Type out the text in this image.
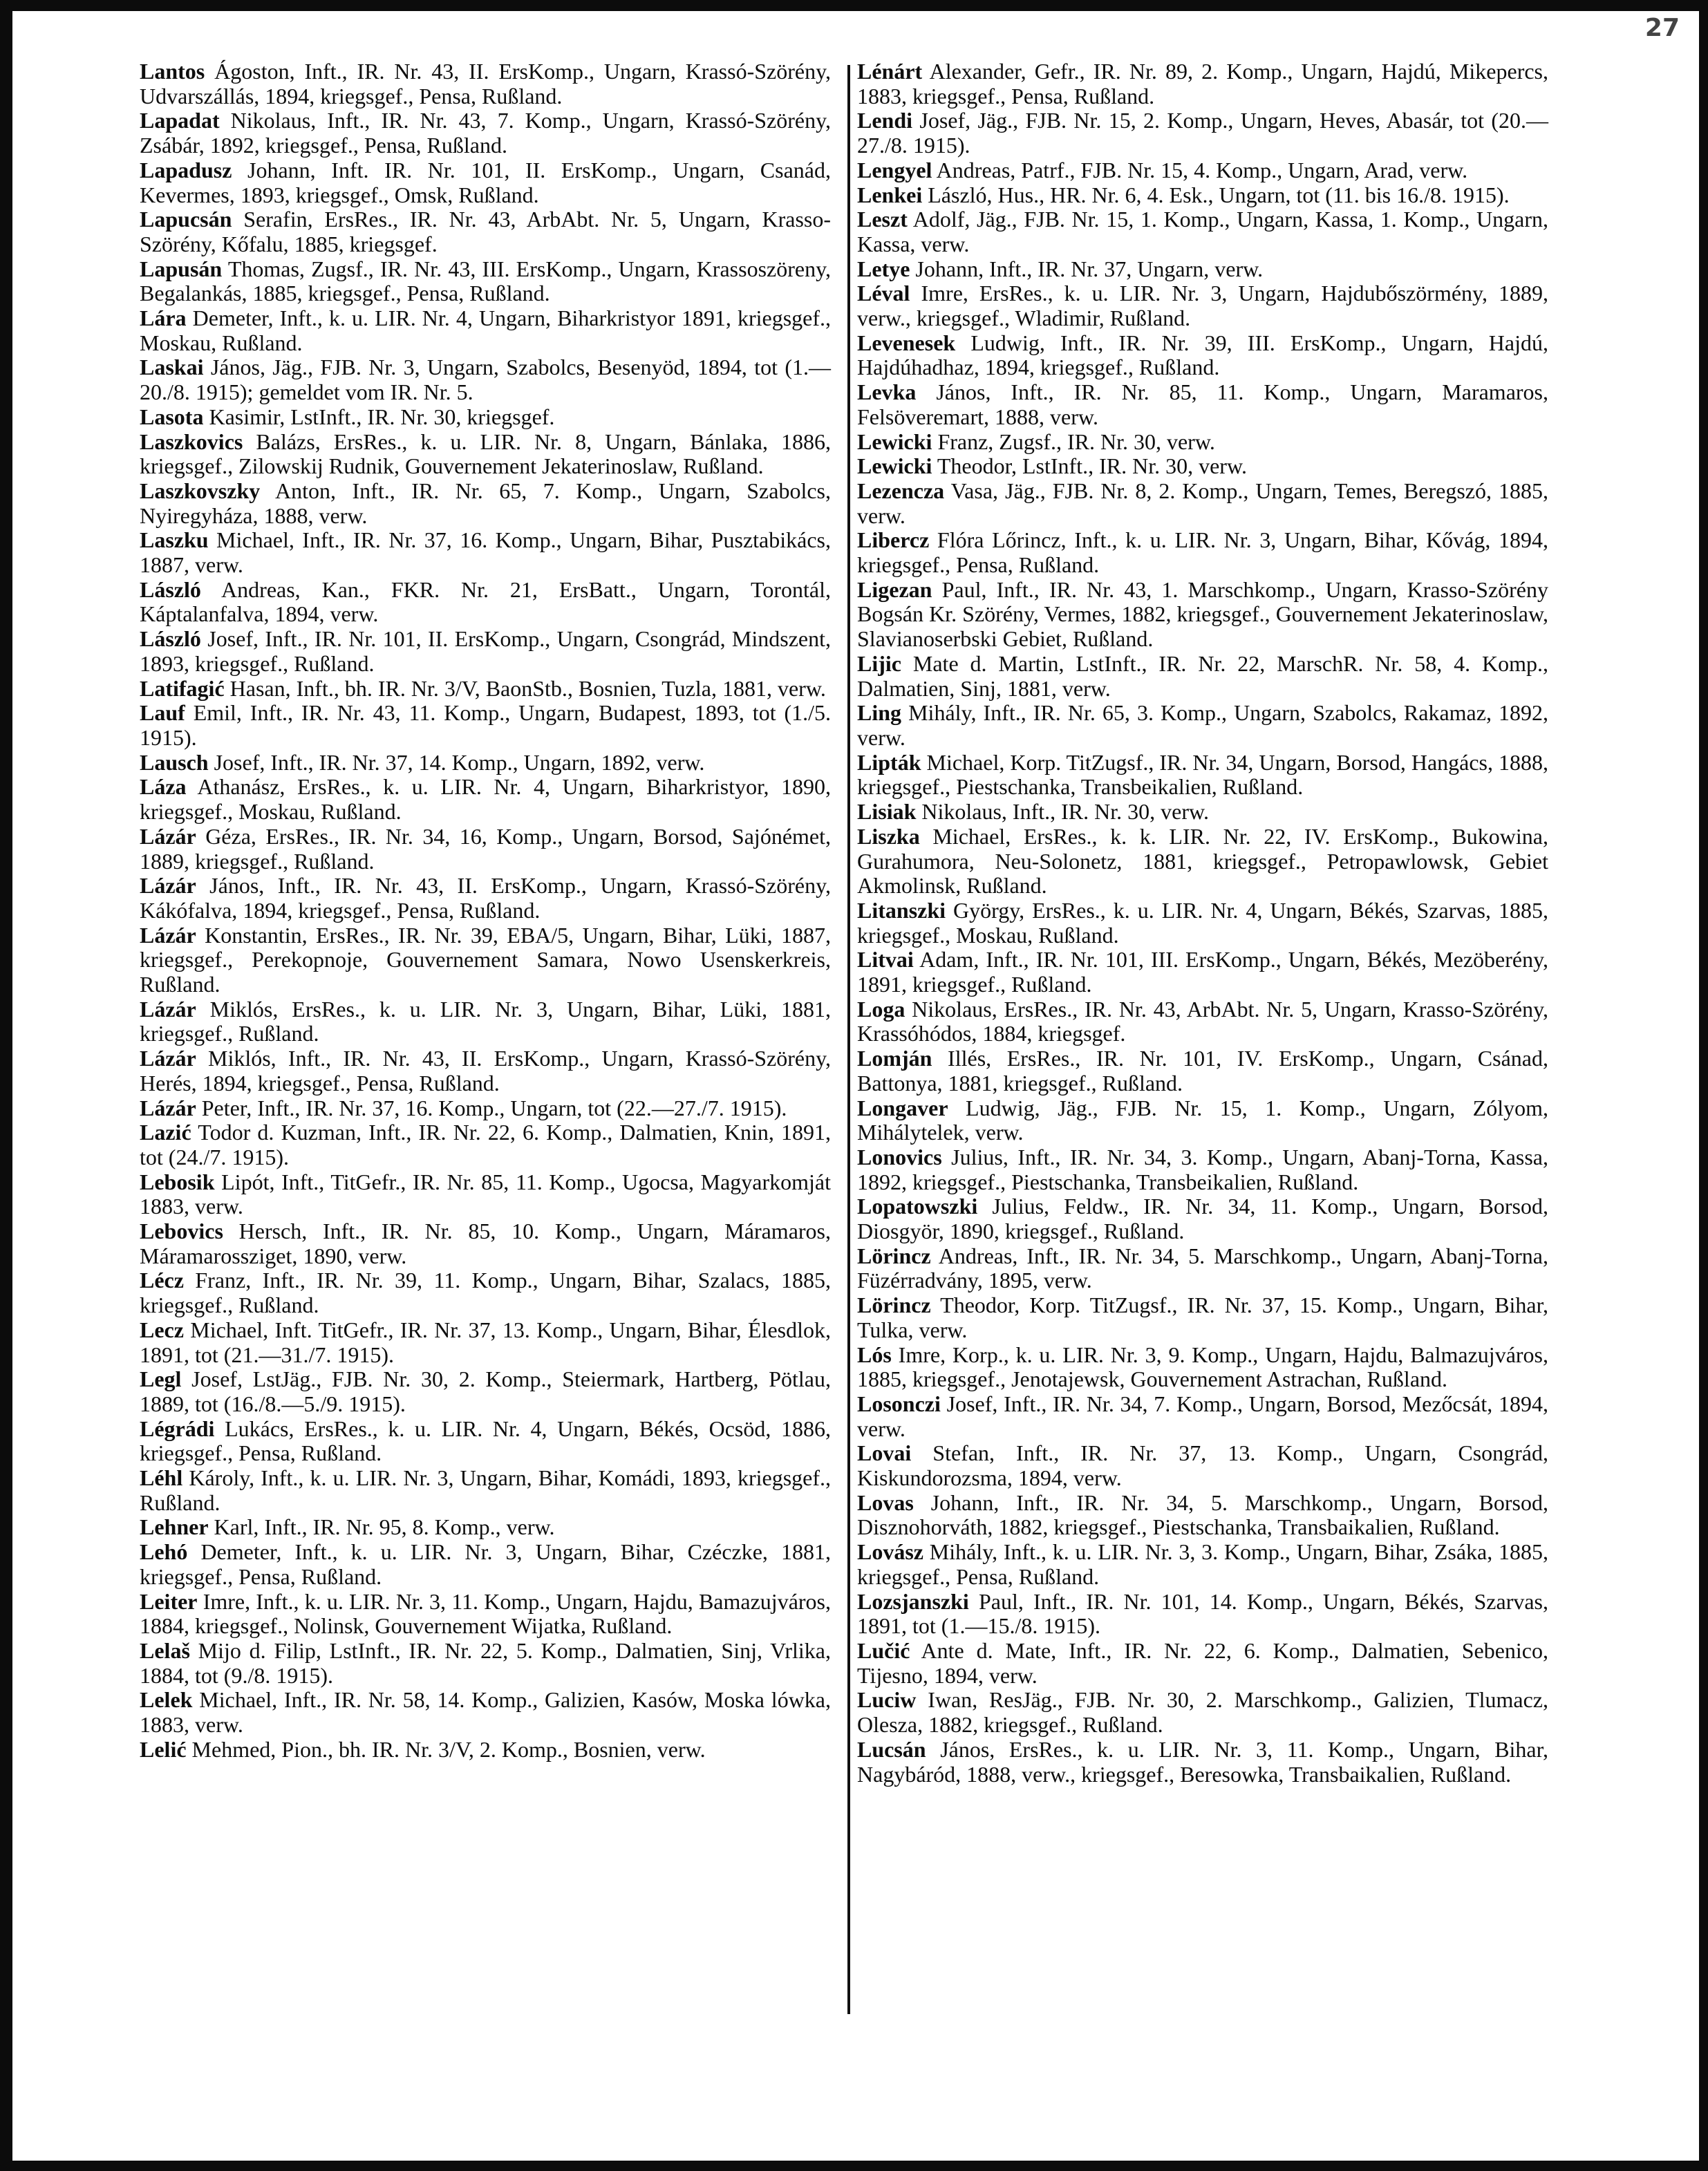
27

Lantos Ágoston, Inft., IR. Nr. 43, II. ErsKomp., Ungarn, Krassó-Szörény, Udvarszállás, 1894, kriegsgef., Pensa, Rußland.

Lapadat Nikolaus, Inft., IR. Nr. 43, 7. Komp., Ungarn, Krassó-Szörény, Zsábár, 1892, kriegsgef., Pensa, Rußland.

Lapadusz Johann, Inft. IR. Nr. 101, II. ErsKomp., Ungarn, Csanád, Kevermes, 1893, kriegsgef., Omsk, Rußland.

Lapucsán Serafin, ErsRes., IR. Nr. 43, ArbAbt. Nr. 5, Ungarn, Krasso-Szörény, Kőfalu, 1885, kriegsgef.

Lapusán Thomas, Zugsf., IR. Nr. 43, III. ErsKomp., Ungarn, Krassoszöreny, Begalankás, 1885, kriegsgef., Pensa, Rußland.

Lára Demeter, Inft., k. u. LIR. Nr. 4, Ungarn, Biharkristyor 1891, kriegsgef., Moskau, Rußland.

Laskai János, Jäg., FJB. Nr. 3, Ungarn, Szabolcs, Besenyöd, 1894, tot (1.—20./8. 1915); gemeldet vom IR. Nr. 5.

Lasota Kasimir, LstInft., IR. Nr. 30, kriegsgef.

Laszkovics Balázs, ErsRes., k. u. LIR. Nr. 8, Ungarn, Bánlaka, 1886, kriegsgef., Zilowskij Rudnik, Gouvernement Jekaterinoslaw, Rußland.

Laszkovszky Anton, Inft., IR. Nr. 65, 7. Komp., Ungarn, Szabolcs, Nyiregyháza, 1888, verw.

Laszku Michael, Inft., IR. Nr. 37, 16. Komp., Ungarn, Bihar, Pusztabikács, 1887, verw.

László Andreas, Kan., FKR. Nr. 21, ErsBatt., Ungarn, Torontál, Káptalanfalva, 1894, verw.

László Josef, Inft., IR. Nr. 101, II. ErsKomp., Ungarn, Csongrád, Mindszent, 1893, kriegsgef., Rußland.

Latifagić Hasan, Inft., bh. IR. Nr. 3/V, BaonStb., Bosnien, Tuzla, 1881, verw.

Lauf Emil, Inft., IR. Nr. 43, 11. Komp., Ungarn, Budapest, 1893, tot (1./5. 1915).

Lausch Josef, Inft., IR. Nr. 37, 14. Komp., Ungarn, 1892, verw.

Láza Athanász, ErsRes., k. u. LIR. Nr. 4, Ungarn, Biharkristyor, 1890, kriegsgef., Moskau, Rußland.

Lázár Géza, ErsRes., IR. Nr. 34, 16, Komp., Ungarn, Borsod, Sajónémet, 1889, kriegsgef., Rußland.

Lázár János, Inft., IR. Nr. 43, II. ErsKomp., Ungarn, Krassó-Szörény, Kákófalva, 1894, kriegsgef., Pensa, Rußland.

Lázár Konstantin, ErsRes., IR. Nr. 39, EBA/5, Ungarn, Bihar, Lüki, 1887, kriegsgef., Perekopnoje, Gouvernement Samara, Nowo Usenskerkreis, Rußland.

Lázár Miklós, ErsRes., k. u. LIR. Nr. 3, Ungarn, Bihar, Lüki, 1881, kriegsgef., Rußland.

Lázár Miklós, Inft., IR. Nr. 43, II. ErsKomp., Ungarn, Krassó-Szörény, Herés, 1894, kriegsgef., Pensa, Rußland.

Lázár Peter, Inft., IR. Nr. 37, 16. Komp., Ungarn, tot (22.—27./7. 1915).

Lazić Todor d. Kuzman, Inft., IR. Nr. 22, 6. Komp., Dalmatien, Knin, 1891, tot (24./7. 1915).

Lebosik Lipót, Inft., TitGefr., IR. Nr. 85, 11. Komp., Ugocsa, Magyarkomját 1883, verw.

Lebovics Hersch, Inft., IR. Nr. 85, 10. Komp., Ungarn, Máramaros, Máramarossziget, 1890, verw.

Lécz Franz, Inft., IR. Nr. 39, 11. Komp., Ungarn, Bihar, Szalacs, 1885, kriegsgef., Rußland.

Lecz Michael, Inft. TitGefr., IR. Nr. 37, 13. Komp., Ungarn, Bihar, Élesdlok, 1891, tot (21.—31./7. 1915).

Legl Josef, LstJäg., FJB. Nr. 30, 2. Komp., Steiermark, Hartberg, Pötlau, 1889, tot (16./8.—5./9. 1915).

Légrádi Lukács, ErsRes., k. u. LIR. Nr. 4, Ungarn, Békés, Ocsöd, 1886, kriegsgef., Pensa, Rußland.

Léhl Károly, Inft., k. u. LIR. Nr. 3, Ungarn, Bihar, Komádi, 1893, kriegsgef., Rußland.

Lehner Karl, Inft., IR. Nr. 95, 8. Komp., verw.

Lehó Demeter, Inft., k. u. LIR. Nr. 3, Ungarn, Bihar, Czéczke, 1881, kriegsgef., Pensa, Rußland.

Leiter Imre, Inft., k. u. LIR. Nr. 3, 11. Komp., Ungarn, Hajdu, Bamazujváros, 1884, kriegsgef., Nolinsk, Gouvernement Wijatka, Rußland.

Lelaš Mijo d. Filip, LstInft., IR. Nr. 22, 5. Komp., Dalmatien, Sinj, Vrlika, 1884, tot (9./8. 1915).

Lelek Michael, Inft., IR. Nr. 58, 14. Komp., Galizien, Kasów, Moska lówka, 1883, verw.

Lelić Mehmed, Pion., bh. IR. Nr. 3/V, 2. Komp., Bosnien, verw.

Lénárt Alexander, Gefr., IR. Nr. 89, 2. Komp., Ungarn, Hajdú, Mikepercs, 1883, kriegsgef., Pensa, Rußland.

Lendi Josef, Jäg., FJB. Nr. 15, 2. Komp., Ungarn, Heves, Abasár, tot (20.—27./8. 1915).

Lengyel Andreas, Patrf., FJB. Nr. 15, 4. Komp., Ungarn, Arad, verw.

Lenkei László, Hus., HR. Nr. 6, 4. Esk., Ungarn, tot (11. bis 16./8. 1915).

Leszt Adolf, Jäg., FJB. Nr. 15, 1. Komp., Ungarn, Kassa, 1. Komp., Ungarn, Kassa, verw.

Letye Johann, Inft., IR. Nr. 37, Ungarn, verw.

Léval Imre, ErsRes., k. u. LIR. Nr. 3, Ungarn, Hajdubőszörmény, 1889, verw., kriegsgef., Wladimir, Rußland.

Levenesek Ludwig, Inft., IR. Nr. 39, III. ErsKomp., Ungarn, Hajdú, Hajdúhadhaz, 1894, kriegsgef., Rußland.

Levka János, Inft., IR. Nr. 85, 11. Komp., Ungarn, Maramaros, Felsöveremart, 1888, verw.

Lewicki Franz, Zugsf., IR. Nr. 30, verw.

Lewicki Theodor, LstInft., IR. Nr. 30, verw.

Lezencza Vasa, Jäg., FJB. Nr. 8, 2. Komp., Ungarn, Temes, Beregszó, 1885, verw.

Libercz Flóra Lőrincz, Inft., k. u. LIR. Nr. 3, Ungarn, Bihar, Kővág, 1894, kriegsgef., Pensa, Rußland.

Ligezan Paul, Inft., IR. Nr. 43, 1. Marschkomp., Ungarn, Krasso-Szörény Bogsán Kr. Szörény, Vermes, 1882, kriegsgef., Gouvernement Jekaterinoslaw, Slavianoserbski Gebiet, Rußland.

Lijic Mate d. Martin, LstInft., IR. Nr. 22, MarschR. Nr. 58, 4. Komp., Dalmatien, Sinj, 1881, verw.

Ling Mihály, Inft., IR. Nr. 65, 3. Komp., Ungarn, Szabolcs, Rakamaz, 1892, verw.

Lipták Michael, Korp. TitZugsf., IR. Nr. 34, Ungarn, Borsod, Hangács, 1888, kriegsgef., Piestschanka, Transbeikalien, Rußland.

Lisiak Nikolaus, Inft., IR. Nr. 30, verw.

Liszka Michael, ErsRes., k. k. LIR. Nr. 22, IV. ErsKomp., Bukowina, Gurahumora, Neu-Solonetz, 1881, kriegsgef., Petropawlowsk, Gebiet Akmolinsk, Rußland.

Litanszki György, ErsRes., k. u. LIR. Nr. 4, Ungarn, Békés, Szarvas, 1885, kriegsgef., Moskau, Rußland.

Litvai Adam, Inft., IR. Nr. 101, III. ErsKomp., Ungarn, Békés, Mezöberény, 1891, kriegsgef., Rußland.

Loga Nikolaus, ErsRes., IR. Nr. 43, ArbAbt. Nr. 5, Ungarn, Krasso-Szörény, Krassóhódos, 1884, kriegsgef.

Lomján Illés, ErsRes., IR. Nr. 101, IV. ErsKomp., Ungarn, Csánad, Battonya, 1881, kriegsgef., Rußland.

Longaver Ludwig, Jäg., FJB. Nr. 15, 1. Komp., Ungarn, Zólyom, Mihálytelek, verw.

Lonovics Julius, Inft., IR. Nr. 34, 3. Komp., Ungarn, Abanj-Torna, Kassa, 1892, kriegsgef., Piestschanka, Transbeikalien, Rußland.

Lopatowszki Julius, Feldw., IR. Nr. 34, 11. Komp., Ungarn, Borsod, Diosgyör, 1890, kriegsgef., Rußland.

Lörincz Andreas, Inft., IR. Nr. 34, 5. Marschkomp., Ungarn, Abanj-Torna, Füzérradvány, 1895, verw.

Lörincz Theodor, Korp. TitZugsf., IR. Nr. 37, 15. Komp., Ungarn, Bihar, Tulka, verw.

Lós Imre, Korp., k. u. LIR. Nr. 3, 9. Komp., Ungarn, Hajdu, Balmazujváros, 1885, kriegsgef., Jenotajewsk, Gouvernement Astrachan, Rußland.

Losonczi Josef, Inft., IR. Nr. 34, 7. Komp., Ungarn, Borsod, Mezőcsát, 1894, verw.

Lovai Stefan, Inft., IR. Nr. 37, 13. Komp., Ungarn, Csongrád, Kiskundorozsma, 1894, verw.

Lovas Johann, Inft., IR. Nr. 34, 5. Marschkomp., Ungarn, Borsod, Disznohorváth, 1882, kriegsgef., Piestschanka, Transbaikalien, Rußland.

Lovász Mihály, Inft., k. u. LIR. Nr. 3, 3. Komp., Ungarn, Bihar, Zsáka, 1885, kriegsgef., Pensa, Rußland.

Lozsjanszki Paul, Inft., IR. Nr. 101, 14. Komp., Ungarn, Békés, Szarvas, 1891, tot (1.—15./8. 1915).

Lučić Ante d. Mate, Inft., IR. Nr. 22, 6. Komp., Dalmatien, Sebenico, Tijesno, 1894, verw.

Luciw Iwan, ResJäg., FJB. Nr. 30, 2. Marschkomp., Galizien, Tlumacz, Olesza, 1882, kriegsgef., Rußland.

Lucsán János, ErsRes., k. u. LIR. Nr. 3, 11. Komp., Ungarn, Bihar, Nagybáród, 1888, verw., kriegsgef., Beresowka, Transbaikalien, Rußland.
